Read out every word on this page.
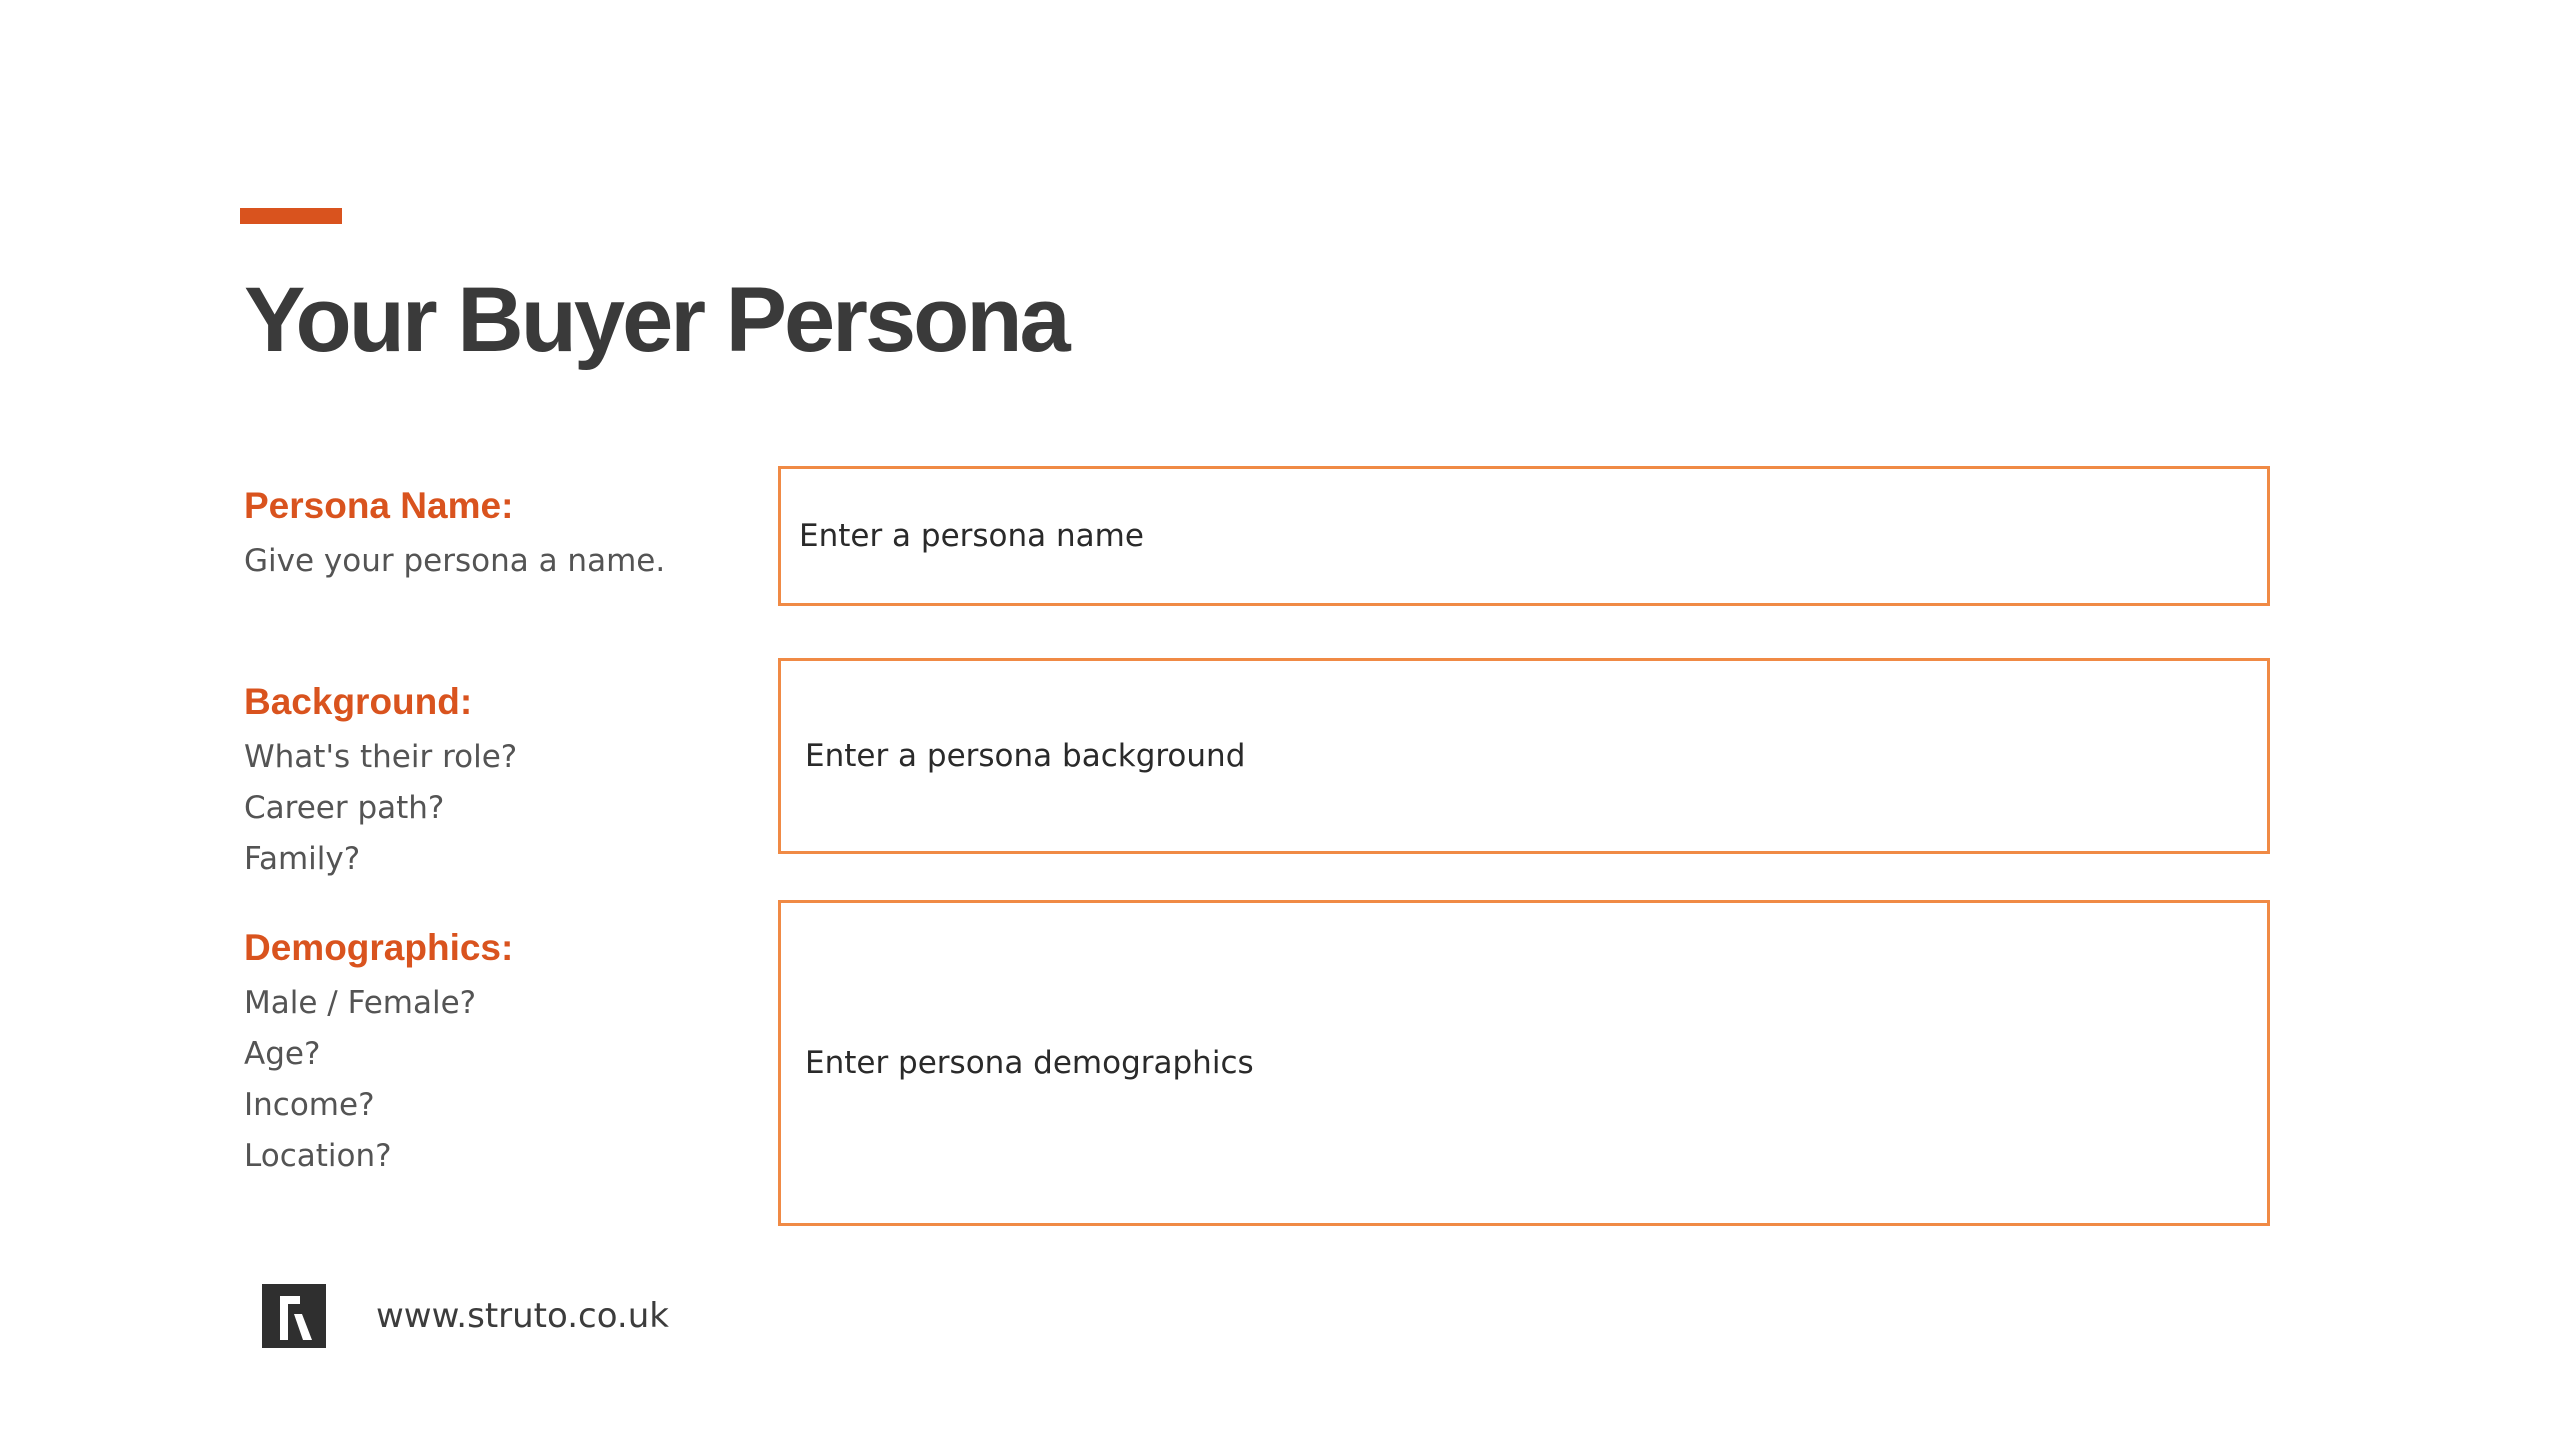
Your Buyer Persona

Persona Name:

Give your persona a name.

Enter a persona name

Background:

What's their role?

Career path?

Family?

Enter a persona background

Demographics:

Male / Female?

Age?

Income?

Location?

Enter persona demographics
www.struto.co.uk
